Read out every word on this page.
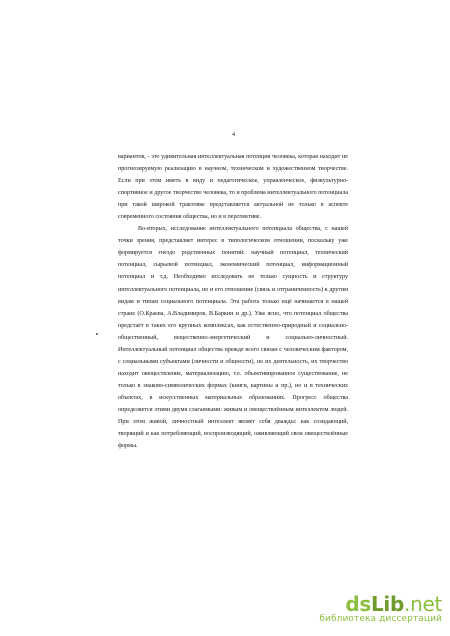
4

вариантов, - это удивительная интеллектуальная потенция человека, которая находит не прогнозируемую реализацию в научном, техническом и художественном творчестве. Если при этом иметь в виду и педагогическое, управленческое, физкультурно-спортивное и другое творчество человека, то и проблема интеллектуального потенциала при такой широкой трактовке представляется актуальной не только в аспекте современного состояния общества, но и в перспективе.

Во-вторых, исследование интеллектуального потенциала общества, с нашей точки зрения, представляет интерес в типологическом отношении, поскольку уже формируется гнездо родственных понятий: научный потенциал, технический потенциал, сырьевой потенциал, экономический потенциал, информационный потенциал и т.д. Необходимо исследовать не только сущность и структуру интеллектуального потенциала, но и его отношение (связь и отграниченность) к другим видам и типам социального потенциала. Эта работа только ещё начинается в нашей стране (О.Краева, А.Владимиров, В.Баркин и др.). Уже ясно, что потенциал общества предстаёт в таких его крупных комплексах, как естественно-природный и социально-общественный, вещественно-энергетический и социально-личностный. Интеллектуальный потенциал общества прежде всего связан с человеческим фактором, с социальными субъектами (личности и общности), но их деятельность, их творчество находит овеществление, материализацию, т.е. объективированное существование, не только в знаково-символических формах (книги, картины и пр.), но и в технических объектах, в искусственных материальных образованиях. Прогресс общества определяется этими двумя слагаемыми: живым и овеществлённым интеллектом людей. При этом живой, личностный интеллект являет себя дважды: как созидающий, творящий и как потребляющий, воспроизводящий, оживляющий свои овеществлённые формы.

dsLib.net
библиотека диссертаций
